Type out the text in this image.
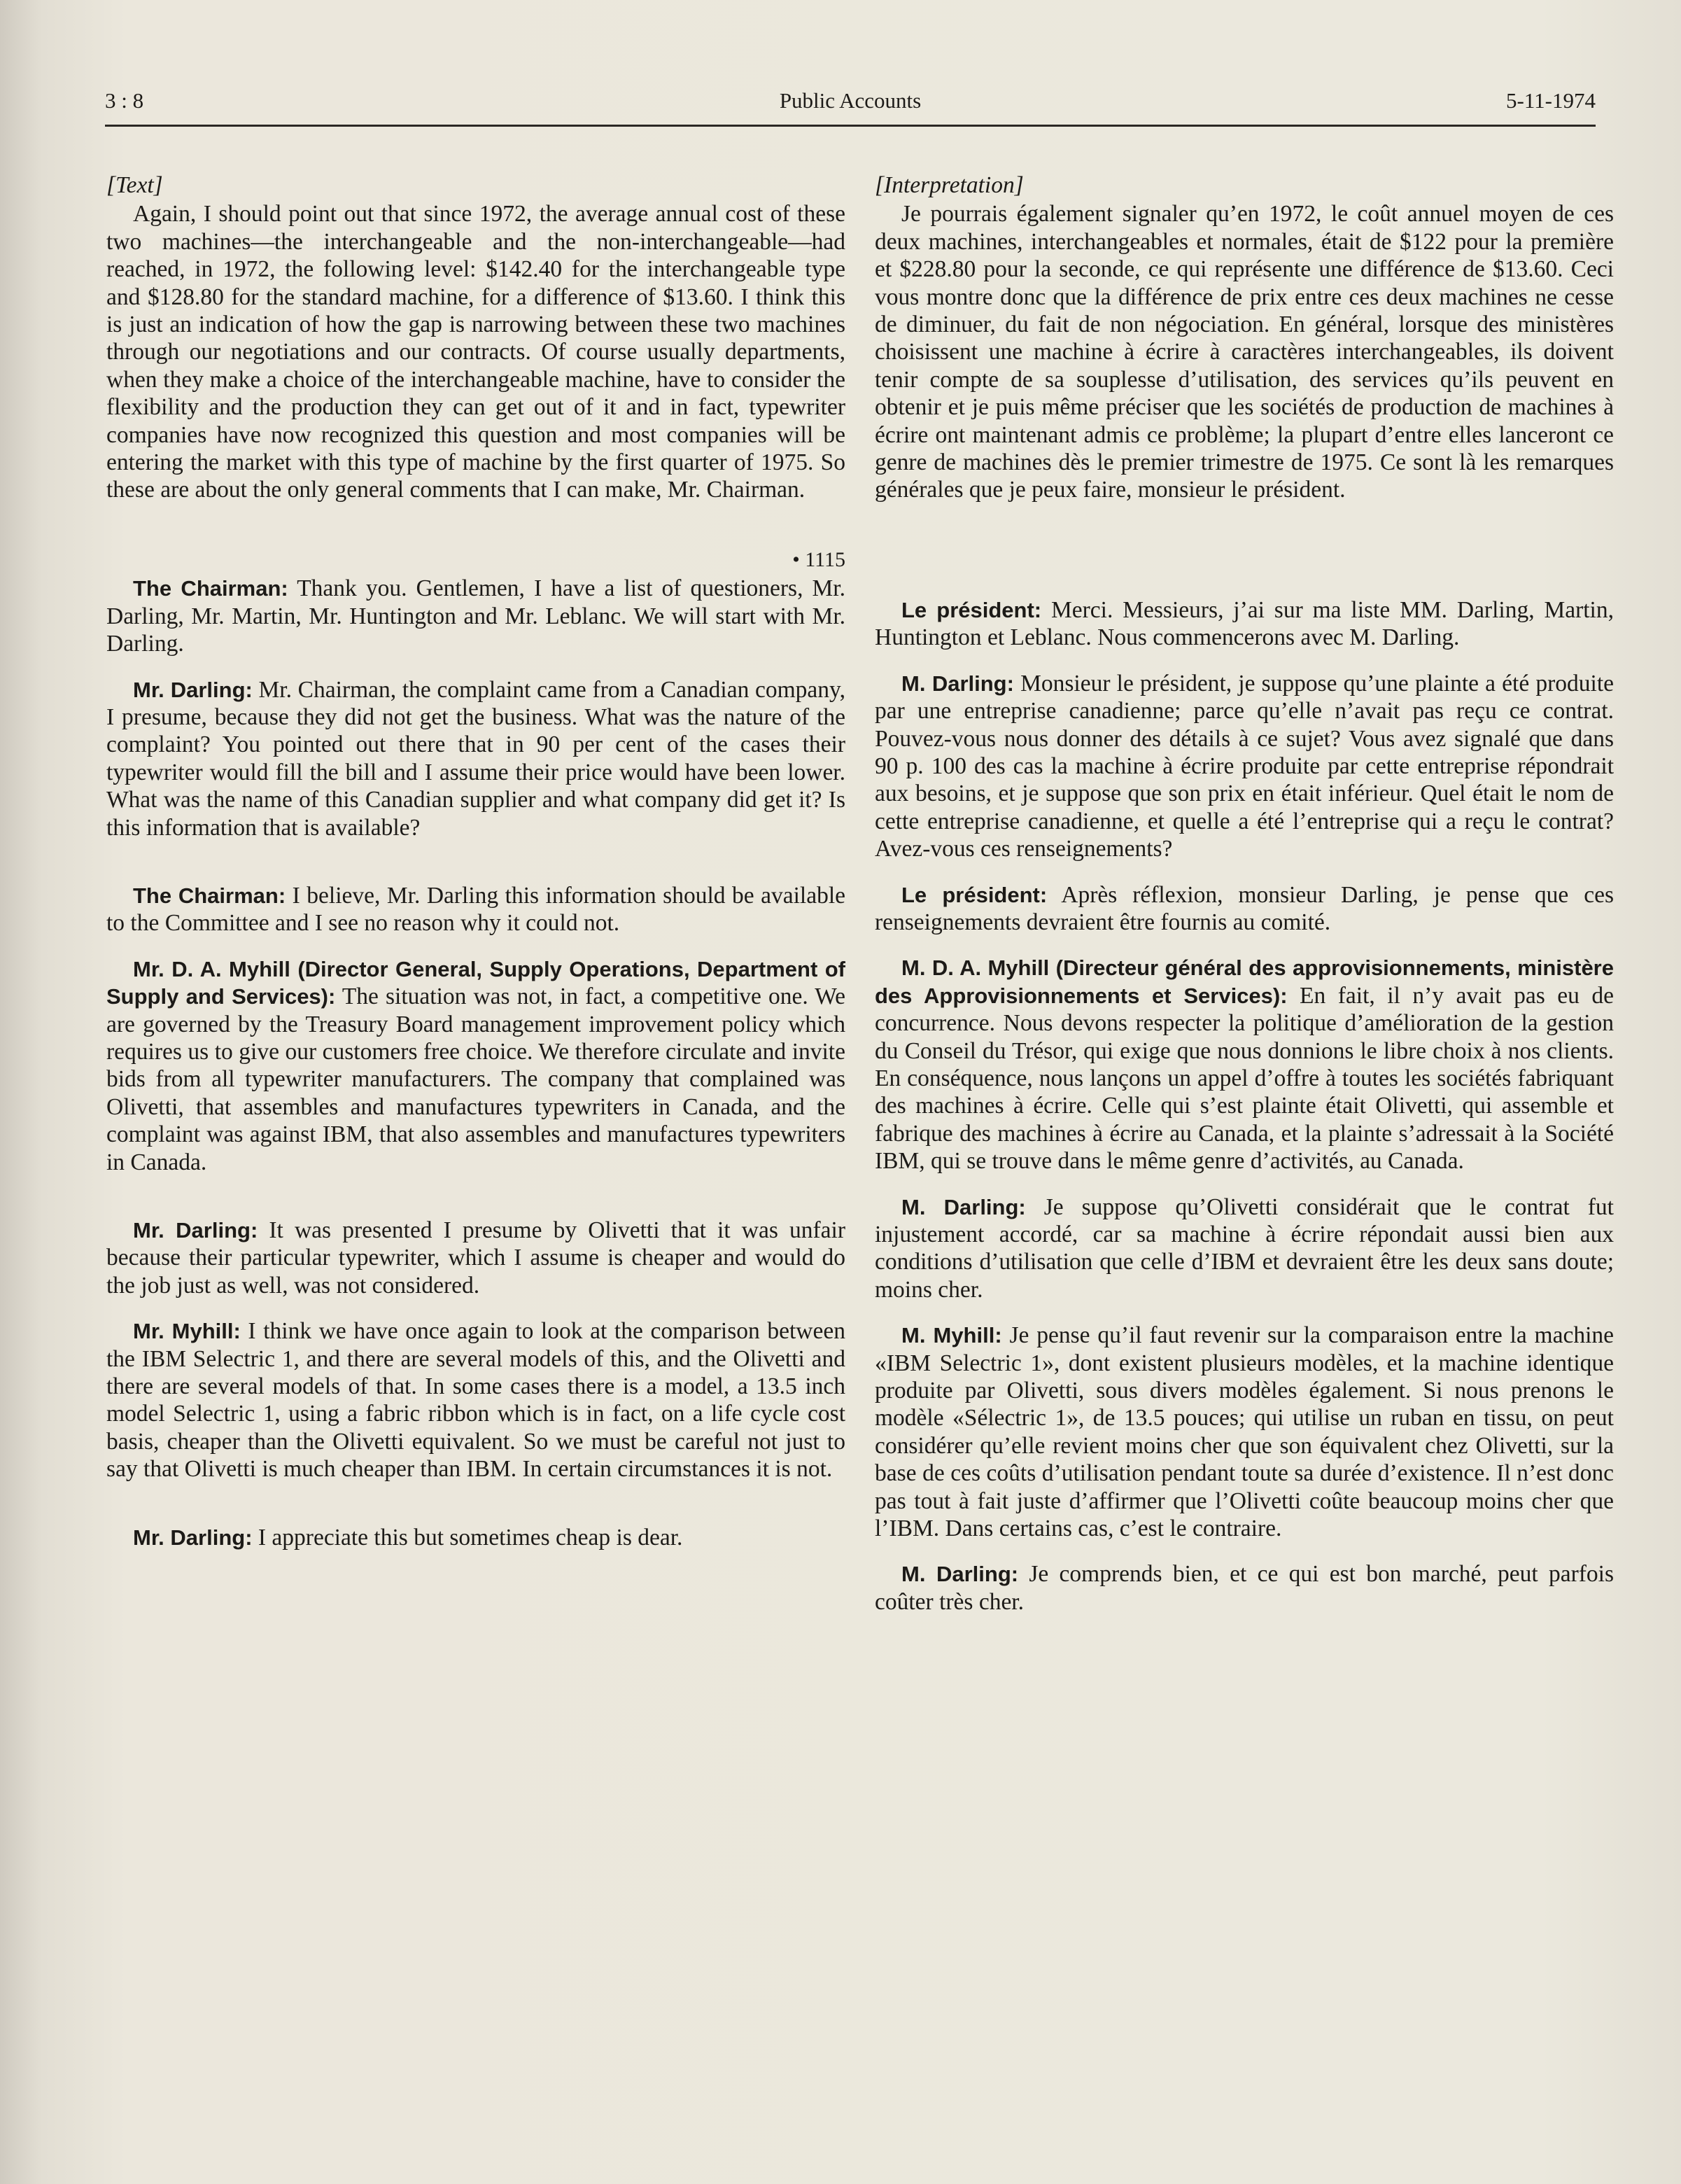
3 : 8	Public Accounts	5-11-1974
[Text]

Again, I should point out that since 1972, the average annual cost of these two machines—the interchangeable and the non-interchangeable—had reached, in 1972, the following level: $142.40 for the interchangeable type and $128.80 for the standard machine, for a difference of $13.60. I think this is just an indication of how the gap is narrowing between these two machines through our negotiations and our contracts. Of course usually departments, when they make a choice of the interchangeable machine, have to consider the flexibility and the production they can get out of it and in fact, typewriter companies have now recognized this question and most companies will be entering the market with this type of machine by the first quarter of 1975. So these are about the only general comments that I can make, Mr. Chairman.

• 1115

The Chairman: Thank you. Gentlemen, I have a list of questioners, Mr. Darling, Mr. Martin, Mr. Huntington and Mr. Leblanc. We will start with Mr. Darling.

Mr. Darling: Mr. Chairman, the complaint came from a Canadian company, I presume, because they did not get the business. What was the nature of the complaint? You pointed out there that in 90 per cent of the cases their typewriter would fill the bill and I assume their price would have been lower. What was the name of this Canadian supplier and what company did get it? Is this information that is available?

The Chairman: I believe, Mr. Darling this information should be available to the Committee and I see no reason why it could not.

Mr. D. A. Myhill (Director General, Supply Operations, Department of Supply and Services): The situation was not, in fact, a competitive one. We are governed by the Treasury Board management improvement policy which requires us to give our customers free choice. We therefore circulate and invite bids from all typewriter manufacturers. The company that complained was Olivetti, that assembles and manufactures typewriters in Canada, and the complaint was against IBM, that also assembles and manufactures typewriters in Canada.

Mr. Darling: It was presented I presume by Olivetti that it was unfair because their particular typewriter, which I assume is cheaper and would do the job just as well, was not considered.

Mr. Myhill: I think we have once again to look at the comparison between the IBM Selectric 1, and there are several models of this, and the Olivetti and there are several models of that. In some cases there is a model, a 13.5 inch model Selectric 1, using a fabric ribbon which is in fact, on a life cycle cost basis, cheaper than the Olivetti equivalent. So we must be careful not just to say that Olivetti is much cheaper than IBM. In certain circumstances it is not.

Mr. Darling: I appreciate this but sometimes cheap is dear.

[Interpretation]

Je pourrais également signaler qu’en 1972, le coût annuel moyen de ces deux machines, interchangeables et normales, était de $122 pour la première et $228.80 pour la seconde, ce qui représente une différence de $13.60. Ceci vous montre donc que la différence de prix entre ces deux machines ne cesse de diminuer, du fait de non négociation. En général, lorsque des ministères choisissent une machine à écrire à caractères interchangeables, ils doivent tenir compte de sa souplesse d’utilisation, des services qu’ils peuvent en obtenir et je puis même préciser que les sociétés de production de machines à écrire ont maintenant admis ce problème; la plupart d’entre elles lanceront ce genre de machines dès le premier trimestre de 1975. Ce sont là les remarques générales que je peux faire, monsieur le président.

Le président: Merci. Messieurs, j’ai sur ma liste MM. Darling, Martin, Huntington et Leblanc. Nous commencerons avec M. Darling.

M. Darling: Monsieur le président, je suppose qu’une plainte a été produite par une entreprise canadienne; parce qu’elle n’avait pas reçu ce contrat. Pouvez-vous nous donner des détails à ce sujet? Vous avez signalé que dans 90 p. 100 des cas la machine à écrire produite par cette entreprise répondrait aux besoins, et je suppose que son prix en était inférieur. Quel était le nom de cette entreprise canadienne, et quelle a été l’entreprise qui a reçu le contrat? Avez-vous ces renseignements?

Le président: Après réflexion, monsieur Darling, je pense que ces renseignements devraient être fournis au comité.

M. D. A. Myhill (Directeur général des approvisionnements, ministère des Approvisionnements et Services): En fait, il n’y avait pas eu de concurrence. Nous devons respecter la politique d’amélioration de la gestion du Conseil du Trésor, qui exige que nous donnions le libre choix à nos clients. En conséquence, nous lançons un appel d’offre à toutes les sociétés fabriquant des machines à écrire. Celle qui s’est plainte était Olivetti, qui assemble et fabrique des machines à écrire au Canada, et la plainte s’adressait à la Société IBM, qui se trouve dans le même genre d’activités, au Canada.

M. Darling: Je suppose qu’Olivetti considérait que le contrat fut injustement accordé, car sa machine à écrire répondait aussi bien aux conditions d’utilisation que celle d’IBM et devraient être les deux sans doute; moins cher.

M. Myhill: Je pense qu’il faut revenir sur la comparaison entre la machine «IBM Selectric 1», dont existent plusieurs modèles, et la machine identique produite par Olivetti, sous divers modèles également. Si nous prenons le modèle «Sélectric 1», de 13.5 pouces; qui utilise un ruban en tissu, on peut considérer qu’elle revient moins cher que son équivalent chez Olivetti, sur la base de ces coûts d’utilisation pendant toute sa durée d’existence. Il n’est donc pas tout à fait juste d’affirmer que l’Olivetti coûte beaucoup moins cher que l’IBM. Dans certains cas, c’est le contraire.

M. Darling: Je comprends bien, et ce qui est bon marché, peut parfois coûter très cher.
